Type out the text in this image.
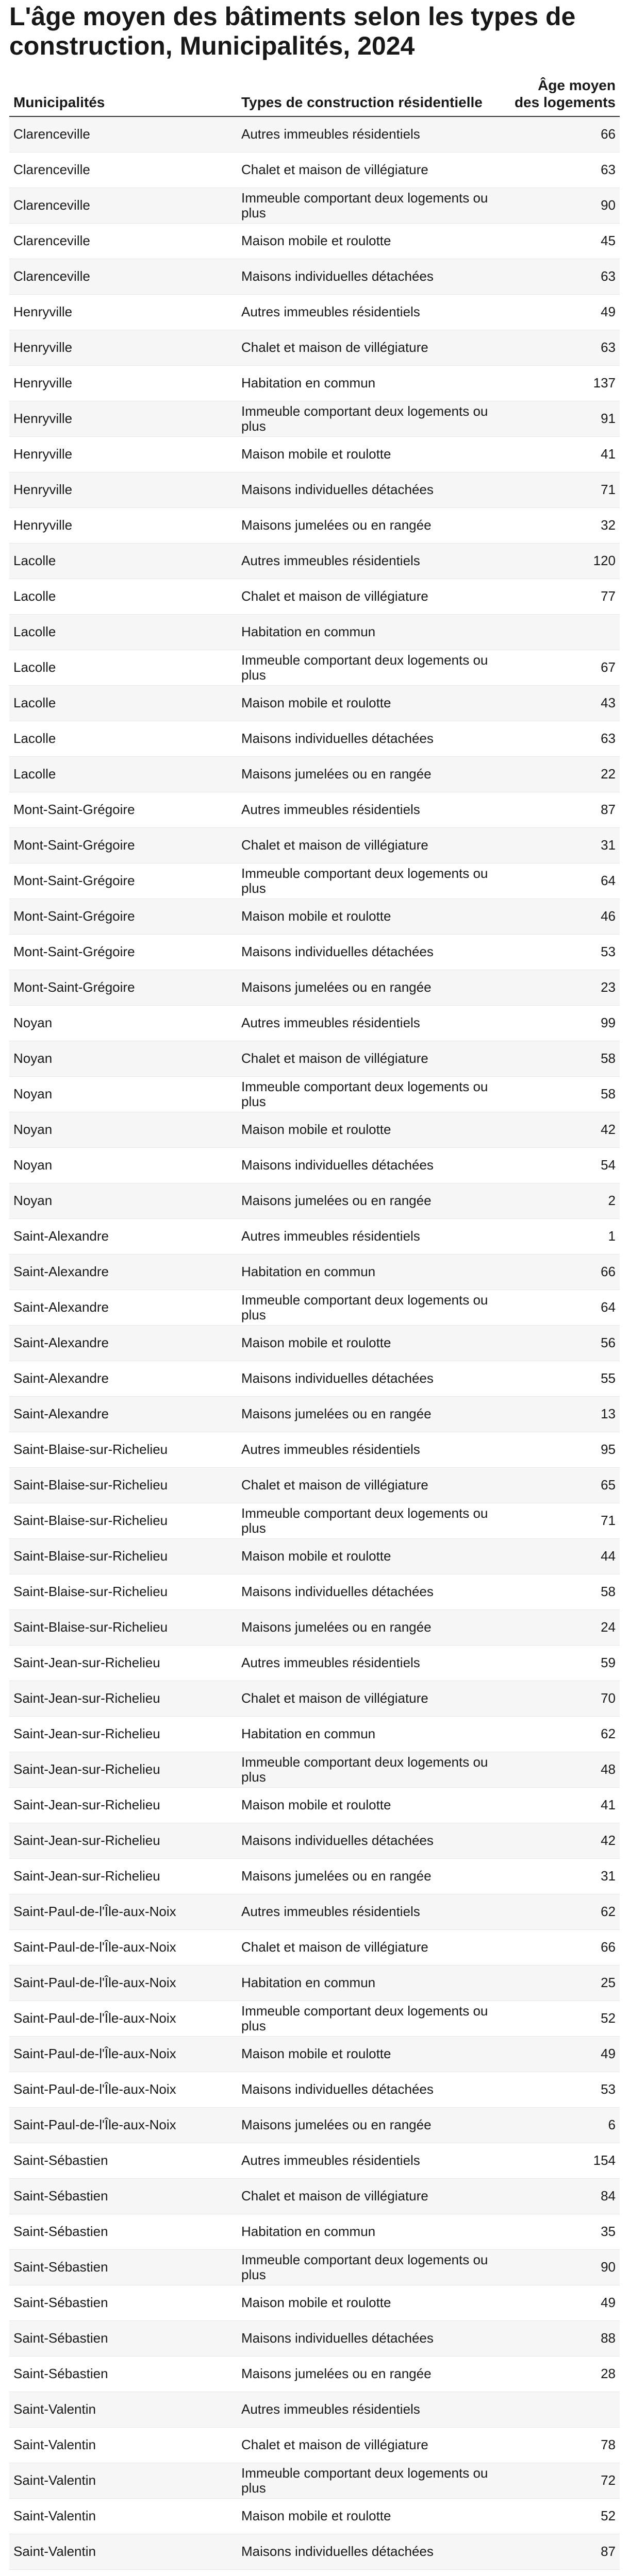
L'âge moyen des bâtiments selon les types de construction, Municipalités, 2024
Municipalités	Types de construction résidentielle	Âge moyen des logements
Clarenceville	Autres immeubles résidentiels	66
Clarenceville	Chalet et maison de villégiature	63
Clarenceville	Immeuble comportant deux logements ou plus	90
Clarenceville	Maison mobile et roulotte	45
Clarenceville	Maisons individuelles détachées	63
Henryville	Autres immeubles résidentiels	49
Henryville	Chalet et maison de villégiature	63
Henryville	Habitation en commun	137
Henryville	Immeuble comportant deux logements ou plus	91
Henryville	Maison mobile et roulotte	41
Henryville	Maisons individuelles détachées	71
Henryville	Maisons jumelées ou en rangée	32
Lacolle	Autres immeubles résidentiels	120
Lacolle	Chalet et maison de villégiature	77
Lacolle	Habitation en commun	
Lacolle	Immeuble comportant deux logements ou plus	67
Lacolle	Maison mobile et roulotte	43
Lacolle	Maisons individuelles détachées	63
Lacolle	Maisons jumelées ou en rangée	22
Mont-Saint-Grégoire	Autres immeubles résidentiels	87
Mont-Saint-Grégoire	Chalet et maison de villégiature	31
Mont-Saint-Grégoire	Immeuble comportant deux logements ou plus	64
Mont-Saint-Grégoire	Maison mobile et roulotte	46
Mont-Saint-Grégoire	Maisons individuelles détachées	53
Mont-Saint-Grégoire	Maisons jumelées ou en rangée	23
Noyan	Autres immeubles résidentiels	99
Noyan	Chalet et maison de villégiature	58
Noyan	Immeuble comportant deux logements ou plus	58
Noyan	Maison mobile et roulotte	42
Noyan	Maisons individuelles détachées	54
Noyan	Maisons jumelées ou en rangée	2
Saint-Alexandre	Autres immeubles résidentiels	1
Saint-Alexandre	Habitation en commun	66
Saint-Alexandre	Immeuble comportant deux logements ou plus	64
Saint-Alexandre	Maison mobile et roulotte	56
Saint-Alexandre	Maisons individuelles détachées	55
Saint-Alexandre	Maisons jumelées ou en rangée	13
Saint-Blaise-sur-Richelieu	Autres immeubles résidentiels	95
Saint-Blaise-sur-Richelieu	Chalet et maison de villégiature	65
Saint-Blaise-sur-Richelieu	Immeuble comportant deux logements ou plus	71
Saint-Blaise-sur-Richelieu	Maison mobile et roulotte	44
Saint-Blaise-sur-Richelieu	Maisons individuelles détachées	58
Saint-Blaise-sur-Richelieu	Maisons jumelées ou en rangée	24
Saint-Jean-sur-Richelieu	Autres immeubles résidentiels	59
Saint-Jean-sur-Richelieu	Chalet et maison de villégiature	70
Saint-Jean-sur-Richelieu	Habitation en commun	62
Saint-Jean-sur-Richelieu	Immeuble comportant deux logements ou plus	48
Saint-Jean-sur-Richelieu	Maison mobile et roulotte	41
Saint-Jean-sur-Richelieu	Maisons individuelles détachées	42
Saint-Jean-sur-Richelieu	Maisons jumelées ou en rangée	31
Saint-Paul-de-l'Île-aux-Noix	Autres immeubles résidentiels	62
Saint-Paul-de-l'Île-aux-Noix	Chalet et maison de villégiature	66
Saint-Paul-de-l'Île-aux-Noix	Habitation en commun	25
Saint-Paul-de-l'Île-aux-Noix	Immeuble comportant deux logements ou plus	52
Saint-Paul-de-l'Île-aux-Noix	Maison mobile et roulotte	49
Saint-Paul-de-l'Île-aux-Noix	Maisons individuelles détachées	53
Saint-Paul-de-l'Île-aux-Noix	Maisons jumelées ou en rangée	6
Saint-Sébastien	Autres immeubles résidentiels	154
Saint-Sébastien	Chalet et maison de villégiature	84
Saint-Sébastien	Habitation en commun	35
Saint-Sébastien	Immeuble comportant deux logements ou plus	90
Saint-Sébastien	Maison mobile et roulotte	49
Saint-Sébastien	Maisons individuelles détachées	88
Saint-Sébastien	Maisons jumelées ou en rangée	28
Saint-Valentin	Autres immeubles résidentiels	
Saint-Valentin	Chalet et maison de villégiature	78
Saint-Valentin	Immeuble comportant deux logements ou plus	72
Saint-Valentin	Maison mobile et roulotte	52
Saint-Valentin	Maisons individuelles détachées	87
